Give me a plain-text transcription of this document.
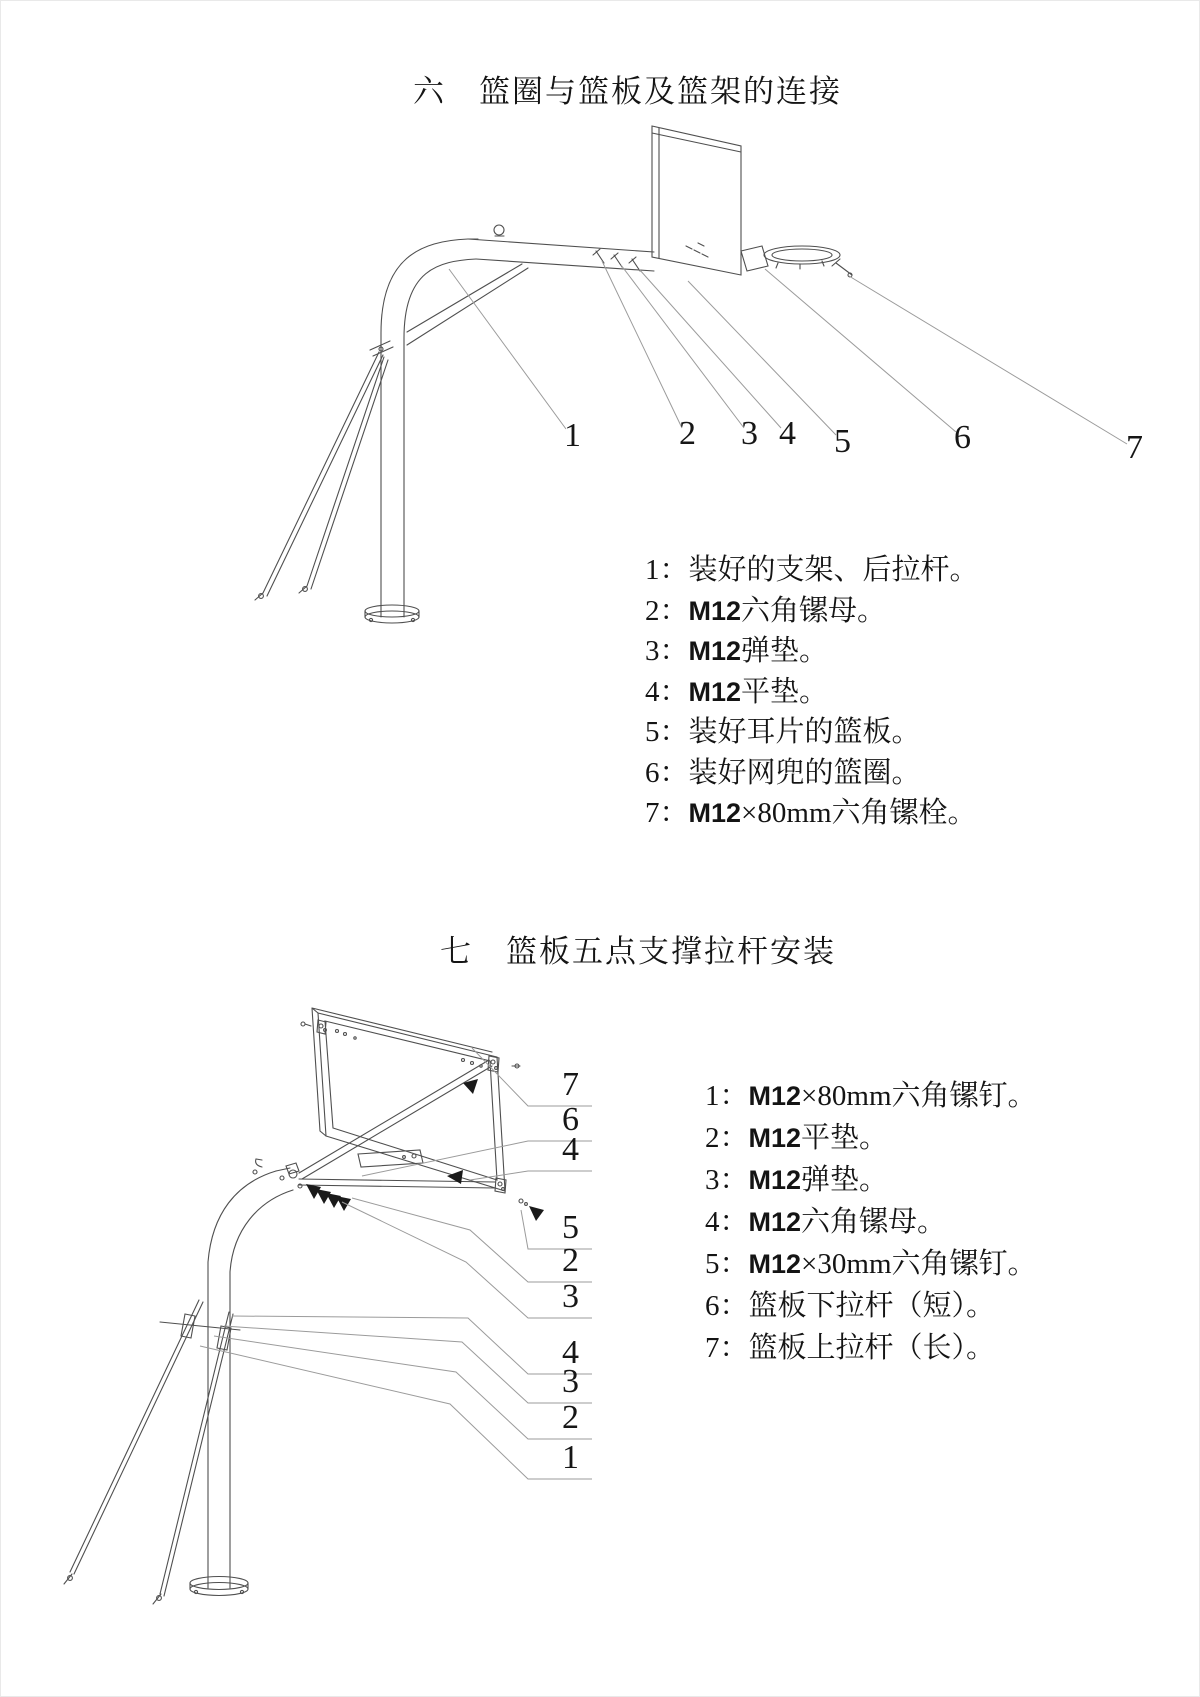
六　篮圈与篮板及篮架的连接
1	2 3 4 5	6	7
1：装好的支架、后拉杆。
2：M12六角镙母。
3：M12弹垫。
4：M12平垫。
5：装好耳片的篮板。
6：装好网兜的篮圈。
7：M12×80mm六角镙栓。
七　篮板五点支撑拉杆安装
7
6
4
5
2
3
4
3
2
1
1：M12×80mm六角镙钉。
2：M12平垫。
3：M12弹垫。
4：M12六角镙母。
5：M12×30mm六角镙钉。
6：篮板下拉杆（短）。
7：篮板上拉杆（长）。
